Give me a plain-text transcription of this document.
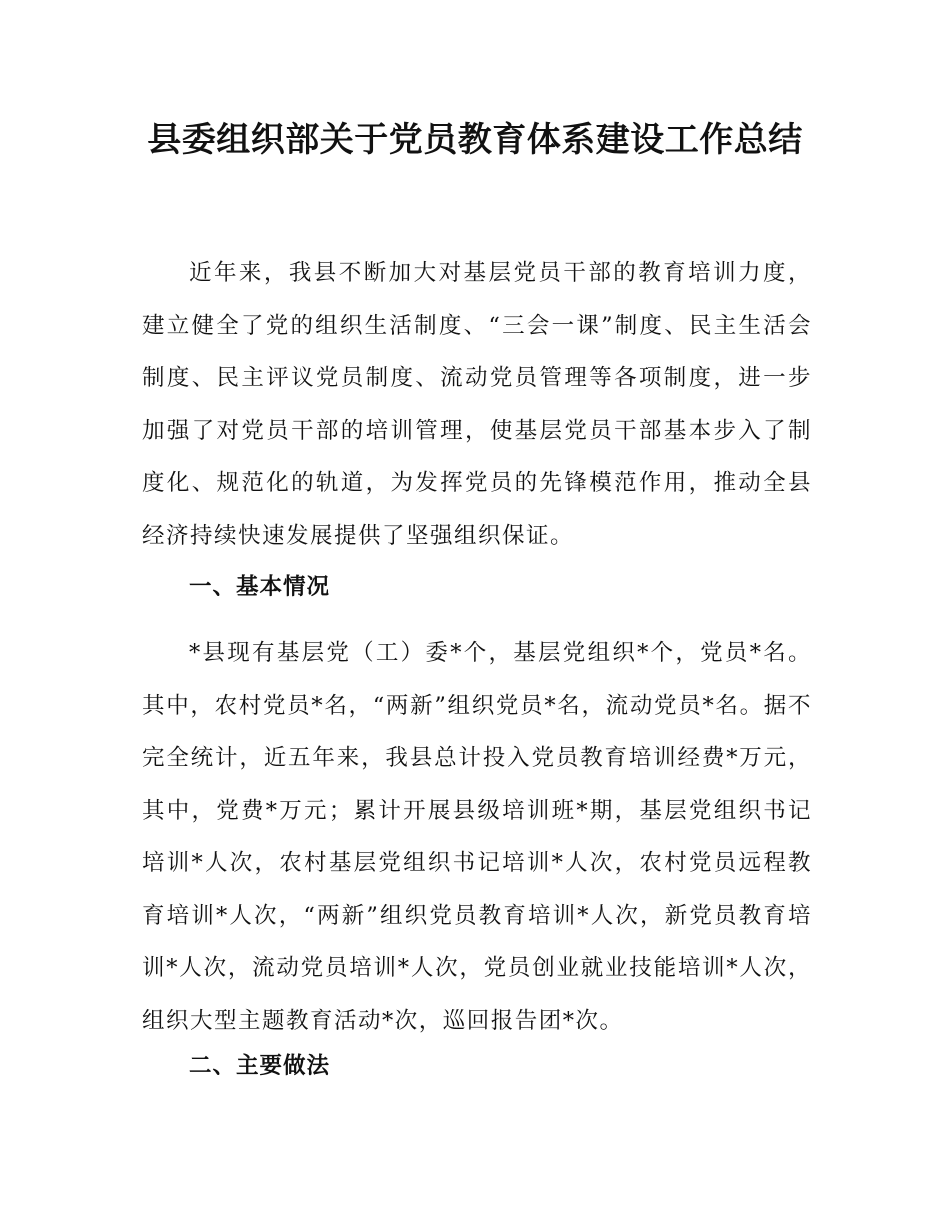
县委组织部关于党员教育体系建设工作总结

近年来，我县不断加大对基层党员干部的教育培训力度，建立健全了党的组织生活制度、“三会一课”制度、民主生活会制度、民主评议党员制度、流动党员管理等各项制度，进一步加强了对党员干部的培训管理，使基层党员干部基本步入了制度化、规范化的轨道，为发挥党员的先锋模范作用，推动全县经济持续快速发展提供了坚强组织保证。

一、基本情况

*县现有基层党（工）委*个，基层党组织*个，党员*名。其中，农村党员*名，“两新”组织党员*名，流动党员*名。据不完全统计，近五年来，我县总计投入党员教育培训经费*万元，其中，党费*万元；累计开展县级培训班*期，基层党组织书记培训*人次，农村基层党组织书记培训*人次，农村党员远程教育培训*人次，“两新”组织党员教育培训*人次，新党员教育培训*人次，流动党员培训*人次，党员创业就业技能培训*人次，组织大型主题教育活动*次，巡回报告团*次。

二、主要做法
